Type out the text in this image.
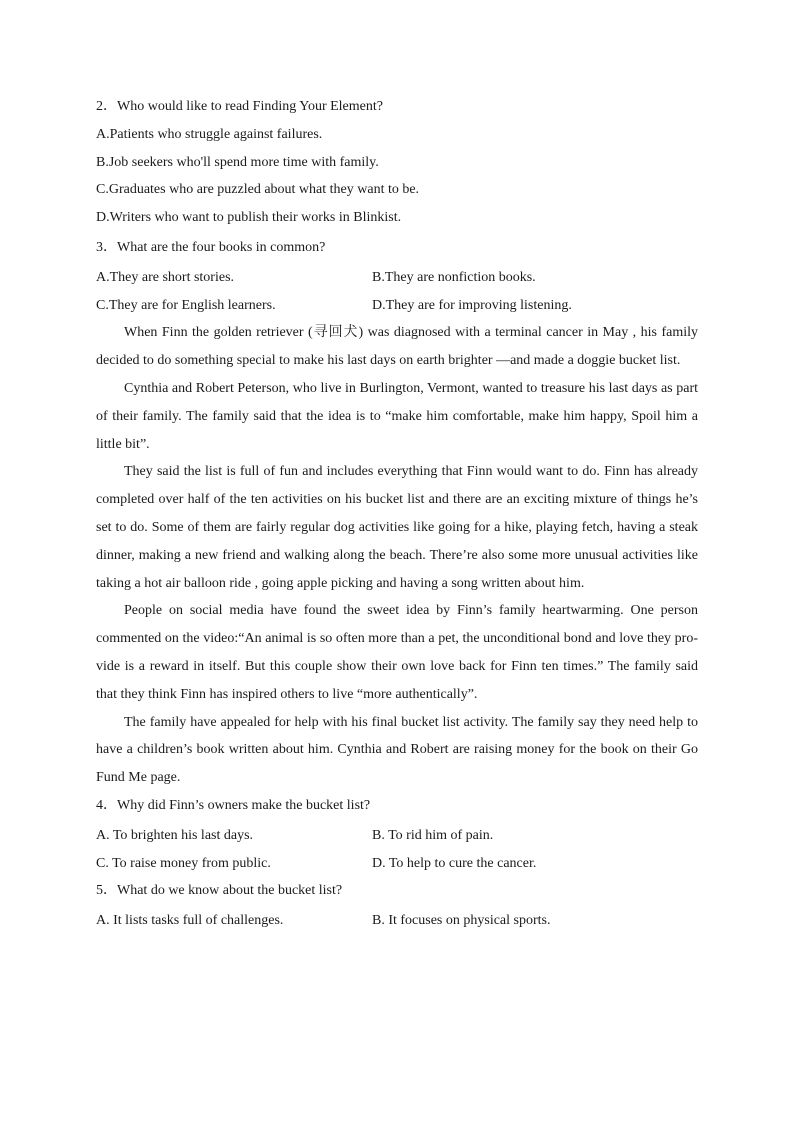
2．Who would like to read Finding Your Element?
A.Patients who struggle against failures.
B.Job seekers who'll spend more time with family.
C.Graduates who are puzzled about what they want to be.
D.Writers who want to publish their works in Blinkist.
3．What are the four books in common?
A.They are short stories.	B.They are nonfiction books.
C.They are for English learners.	D.They are for improving listening.

When Finn the golden retriever (寻回犬) was diagnosed with a terminal cancer in May , his family decided to do something special to make his last days on earth brighter —and made a doggie bucket list.

Cynthia and Robert Peterson, who live in Burlington, Vermont, wanted to treasure his last days as part of their family. The family said that the idea is to “make him comfortable, make him happy, Spoil him a little bit”.

They said the list is full of fun and includes everything that Finn would want to do. Finn has already completed over half of the ten activities on his bucket list and there are an exciting mixture of things he’s set to do. Some of them are fairly regular dog activities like going for a hike, playing fetch, having a steak dinner, making a new friend and walking along the beach. There’re also some more unusual activities like taking a hot air balloon ride , going apple picking and having a song written about him.

People on social media have found the sweet idea by Finn’s family heartwarming. One person commented on the video:“An animal is so often more than a pet, the unconditional bond and love they pro-vide is a reward in itself. But this couple show their own love back for Finn ten times.” The family said that they think Finn has inspired others to live “more authentically”.

The family have appealed for help with his final bucket list activity. The family say they need help to have a children’s book written about him. Cynthia and Robert are raising money for the book on their Go Fund Me page.

4．Why did Finn’s owners make the bucket list?
A. To brighten his last days.	B. To rid him of pain.
C. To raise money from public.	D. To help to cure the cancer.
5．What do we know about the bucket list?
A. It lists tasks full of challenges.	B. It focuses on physical sports.
